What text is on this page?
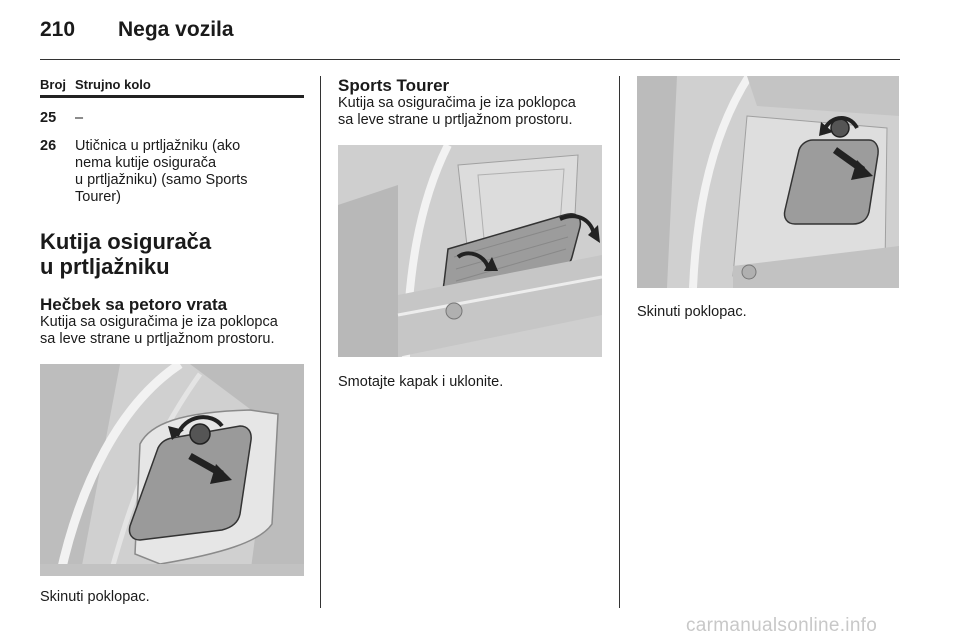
210	Nega vozila
Broj Strujno kolo
25	–
26	Utičnica u prtljažniku (ako
nema kutije osigurača
u prtljažniku) (samo Sports
Tourer)
Kutija osigurača
u prtljažniku
Hečbek sa petoro vrata

Kutija sa osiguračima je iza poklopca
sa leve strane u prtljažnom prostoru.

Skinuti poklopac.
Sports Tourer

Kutija sa osiguračima je iza poklopca
sa leve strane u prtljažnom prostoru.

Smotajte kapak i uklonite.
Skinuti poklopac.
carmanualsonline.info
